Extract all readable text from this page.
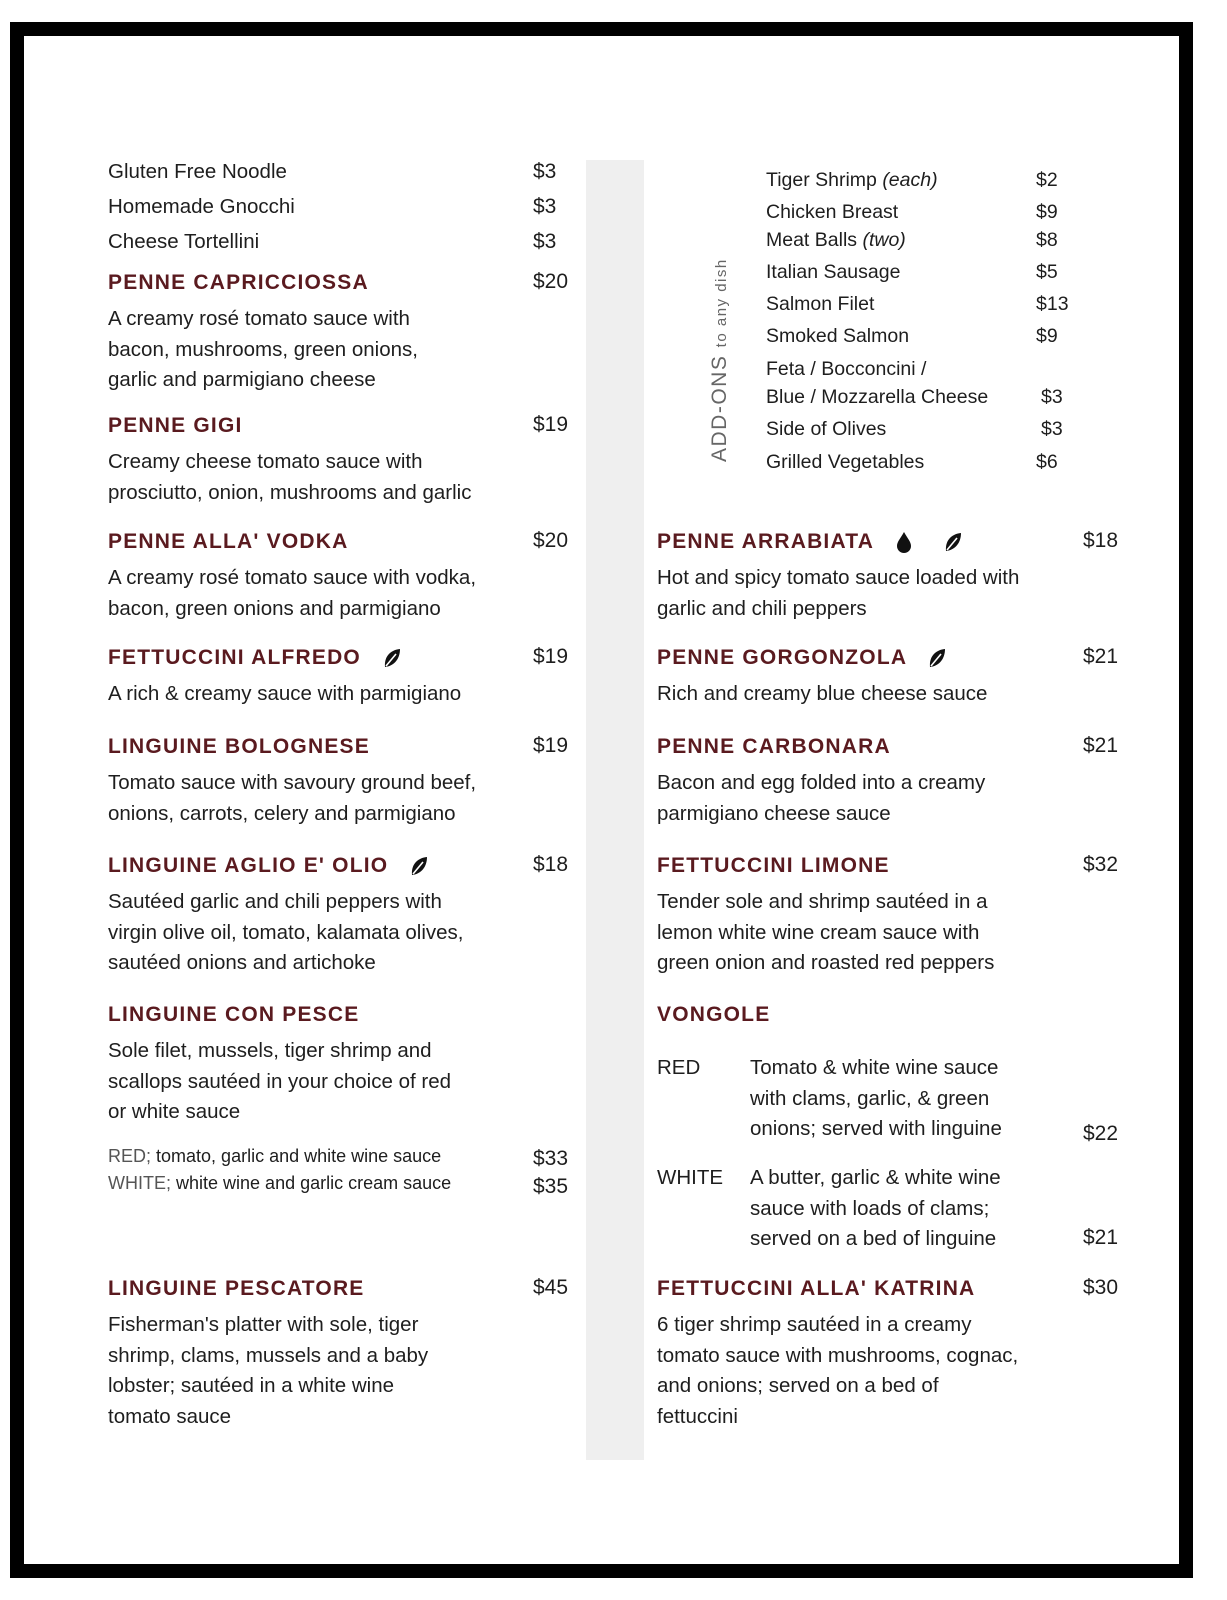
Gluten Free Noodle	$3
Homemade Gnocchi	$3
Cheese Tortellini	$3
PENNE CAPRICCIOSSA	$20
A creamy rosé tomato sauce with
bacon, mushrooms, green onions,
garlic and parmigiano cheese
PENNE GIGI	$19
Creamy cheese tomato sauce with
prosciutto, onion, mushrooms and garlic
PENNE ALLA' VODKA	$20
A creamy rosé tomato sauce with vodka,
bacon, green onions and parmigiano
FETTUCCINI ALFREDO	$19
A rich & creamy sauce with parmigiano
LINGUINE BOLOGNESE	$19
Tomato sauce with savoury ground beef,
onions, carrots, celery and parmigiano
LINGUINE AGLIO E' OLIO	$18
Sautéed garlic and chili peppers with
virgin olive oil, tomato, kalamata olives,
sautéed onions and artichoke
LINGUINE CON PESCE
Sole filet, mussels, tiger shrimp and
scallops sautéed in your choice of red
or white sauce
RED; tomato, garlic and white wine sauce	$33
WHITE; white wine and garlic cream sauce	$35
LINGUINE PESCATORE	$45
Fisherman's platter with sole, tiger
shrimp, clams, mussels and a baby
lobster; sautéed in a white wine
tomato sauce
ADD-ONS to any dish
Tiger Shrimp (each)	$2
Chicken Breast	$9
Meat Balls (two)	$8
Italian Sausage	$5
Salmon Filet	$13
Smoked Salmon	$9
Feta / Bocconcini /
Blue / Mozzarella Cheese	$3
Side of Olives	$3
Grilled Vegetables	$6
PENNE ARRABIATA	$18
Hot and spicy tomato sauce loaded with
garlic and chili peppers
PENNE GORGONZOLA	$21
Rich and creamy blue cheese sauce
PENNE CARBONARA	$21
Bacon and egg folded into a creamy
parmigiano cheese sauce
FETTUCCINI LIMONE	$32
Tender sole and shrimp sautéed in a
lemon white wine cream sauce with
green onion and roasted red peppers
VONGOLE
RED Tomato & white wine sauce
with clams, garlic, & green
onions; served with linguine	$22
WHITE A butter, garlic & white wine
sauce with loads of clams;
served on a bed of linguine	$21
FETTUCCINI ALLA' KATRINA	$30
6 tiger shrimp sautéed in a creamy
tomato sauce with mushrooms, cognac,
and onions; served on a bed of
fettuccini
